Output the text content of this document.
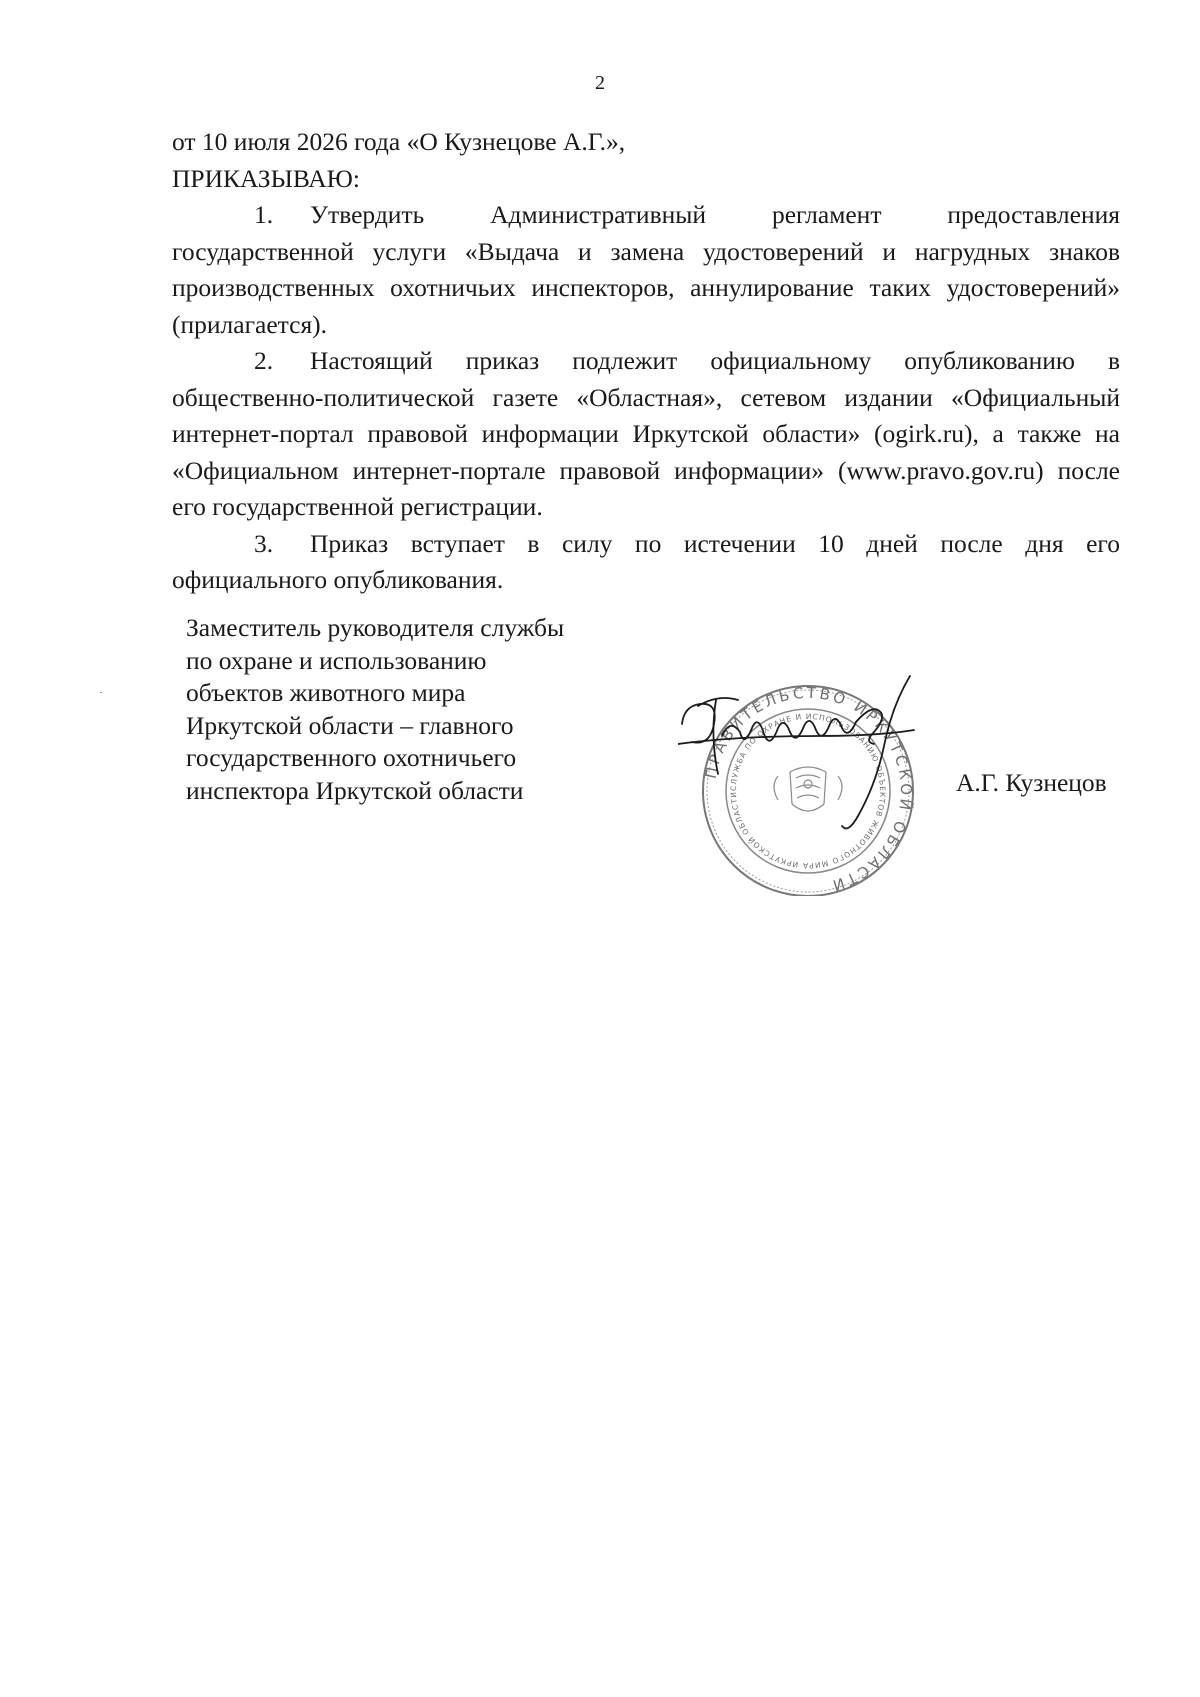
2

от 10 июля 2026 года «О Кузнецове А.Г.»,

ПРИКАЗЫВАЮ:

1. Утвердить Административный регламент предоставления государственной услуги «Выдача и замена удостоверений и нагрудных знаков производственных охотничьих инспекторов, аннулирование таких удостоверений» (прилагается).

2. Настоящий приказ подлежит официальному опубликованию в общественно-политической газете «Областная», сетевом издании «Официальный интернет-портал правовой информации Иркутской области» (ogirk.ru), а также на «Официальном интернет-портале правовой информации» (www.pravo.gov.ru) после его государственной регистрации.

3. Приказ вступает в силу по истечении 10 дней после дня его официального опубликования.

Заместитель руководителя службы
по охране и использованию
объектов животного мира
Иркутской области – главного
государственного охотничьего
инспектора Иркутской области
ПРАВИТЕЛЬСТВО ИРКУТСКОЙ ОБЛАСТИ
СЛУЖБА ПО ОХРАНЕ И ИСПОЛЬЗОВАНИЮ ОБЪЕКТОВ ЖИВОТНОГО МИРА ИРКУТСКОЙ ОБЛАСТИ	А.Г. Кузнецов
